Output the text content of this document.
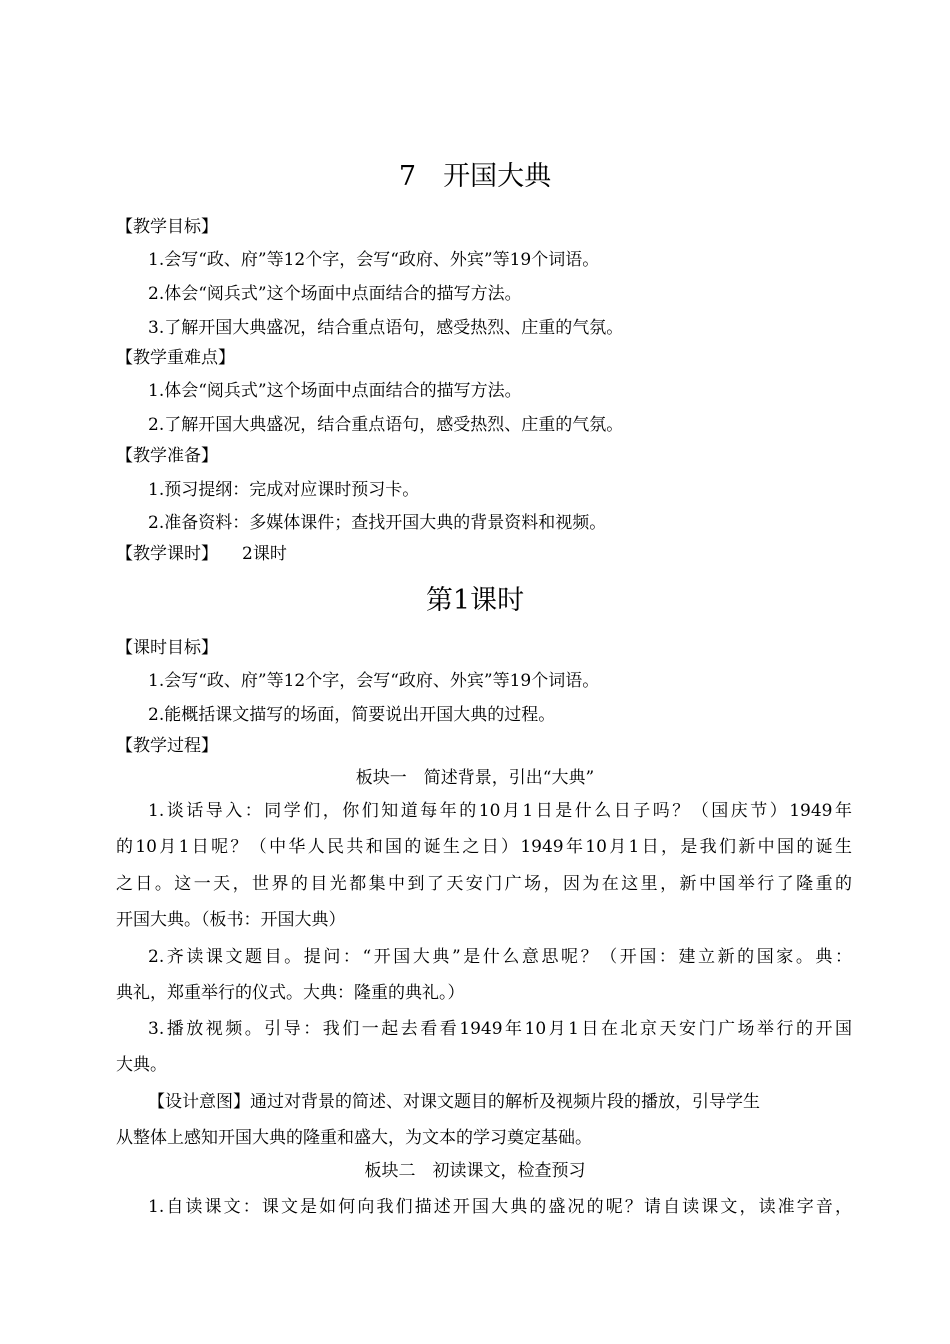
7　开国大典
【教学目标】
1.会写“政、府”等12个字，会写“政府、外宾”等19个词语。
2.体会“阅兵式”这个场面中点面结合的描写方法。
3.了解开国大典盛况，结合重点语句，感受热烈、庄重的气氛。
【教学重难点】
1.体会“阅兵式”这个场面中点面结合的描写方法。
2.了解开国大典盛况，结合重点语句，感受热烈、庄重的气氛。
【教学准备】
1.预习提纲：完成对应课时预习卡。
2.准备资料：多媒体课件；查找开国大典的背景资料和视频。
【教学课时】 2课时
第1课时
【课时目标】
1.会写“政、府”等12个字，会写“政府、外宾”等19个词语。
2.能概括课文描写的场面，简要说出开国大典的过程。
【教学过程】
板块一　简述背景，引出“大典”
1.谈话导入：同学们，你们知道每年的10月1日是什么日子吗？（国庆节）1949年
的10月1日呢？（中华人民共和国的诞生之日）1949年10月1日，是我们新中国的诞生
之日。这一天，世界的目光都集中到了天安门广场，因为在这里，新中国举行了隆重的
开国大典。（板书：开国大典）
2.齐读课文题目。提问：“开国大典”是什么意思呢？（开国：建立新的国家。典：
典礼，郑重举行的仪式。大典：隆重的典礼。）
3.播放视频。引导：我们一起去看看1949年10月1日在北京天安门广场举行的开国
大典。
【设计意图】通过对背景的简述、对课文题目的解析及视频片段的播放，引导学生
从整体上感知开国大典的隆重和盛大，为文本的学习奠定基础。
板块二　初读课文，检查预习
1.自读课文：课文是如何向我们描述开国大典的盛况的呢？请自读课文，读准字音，
